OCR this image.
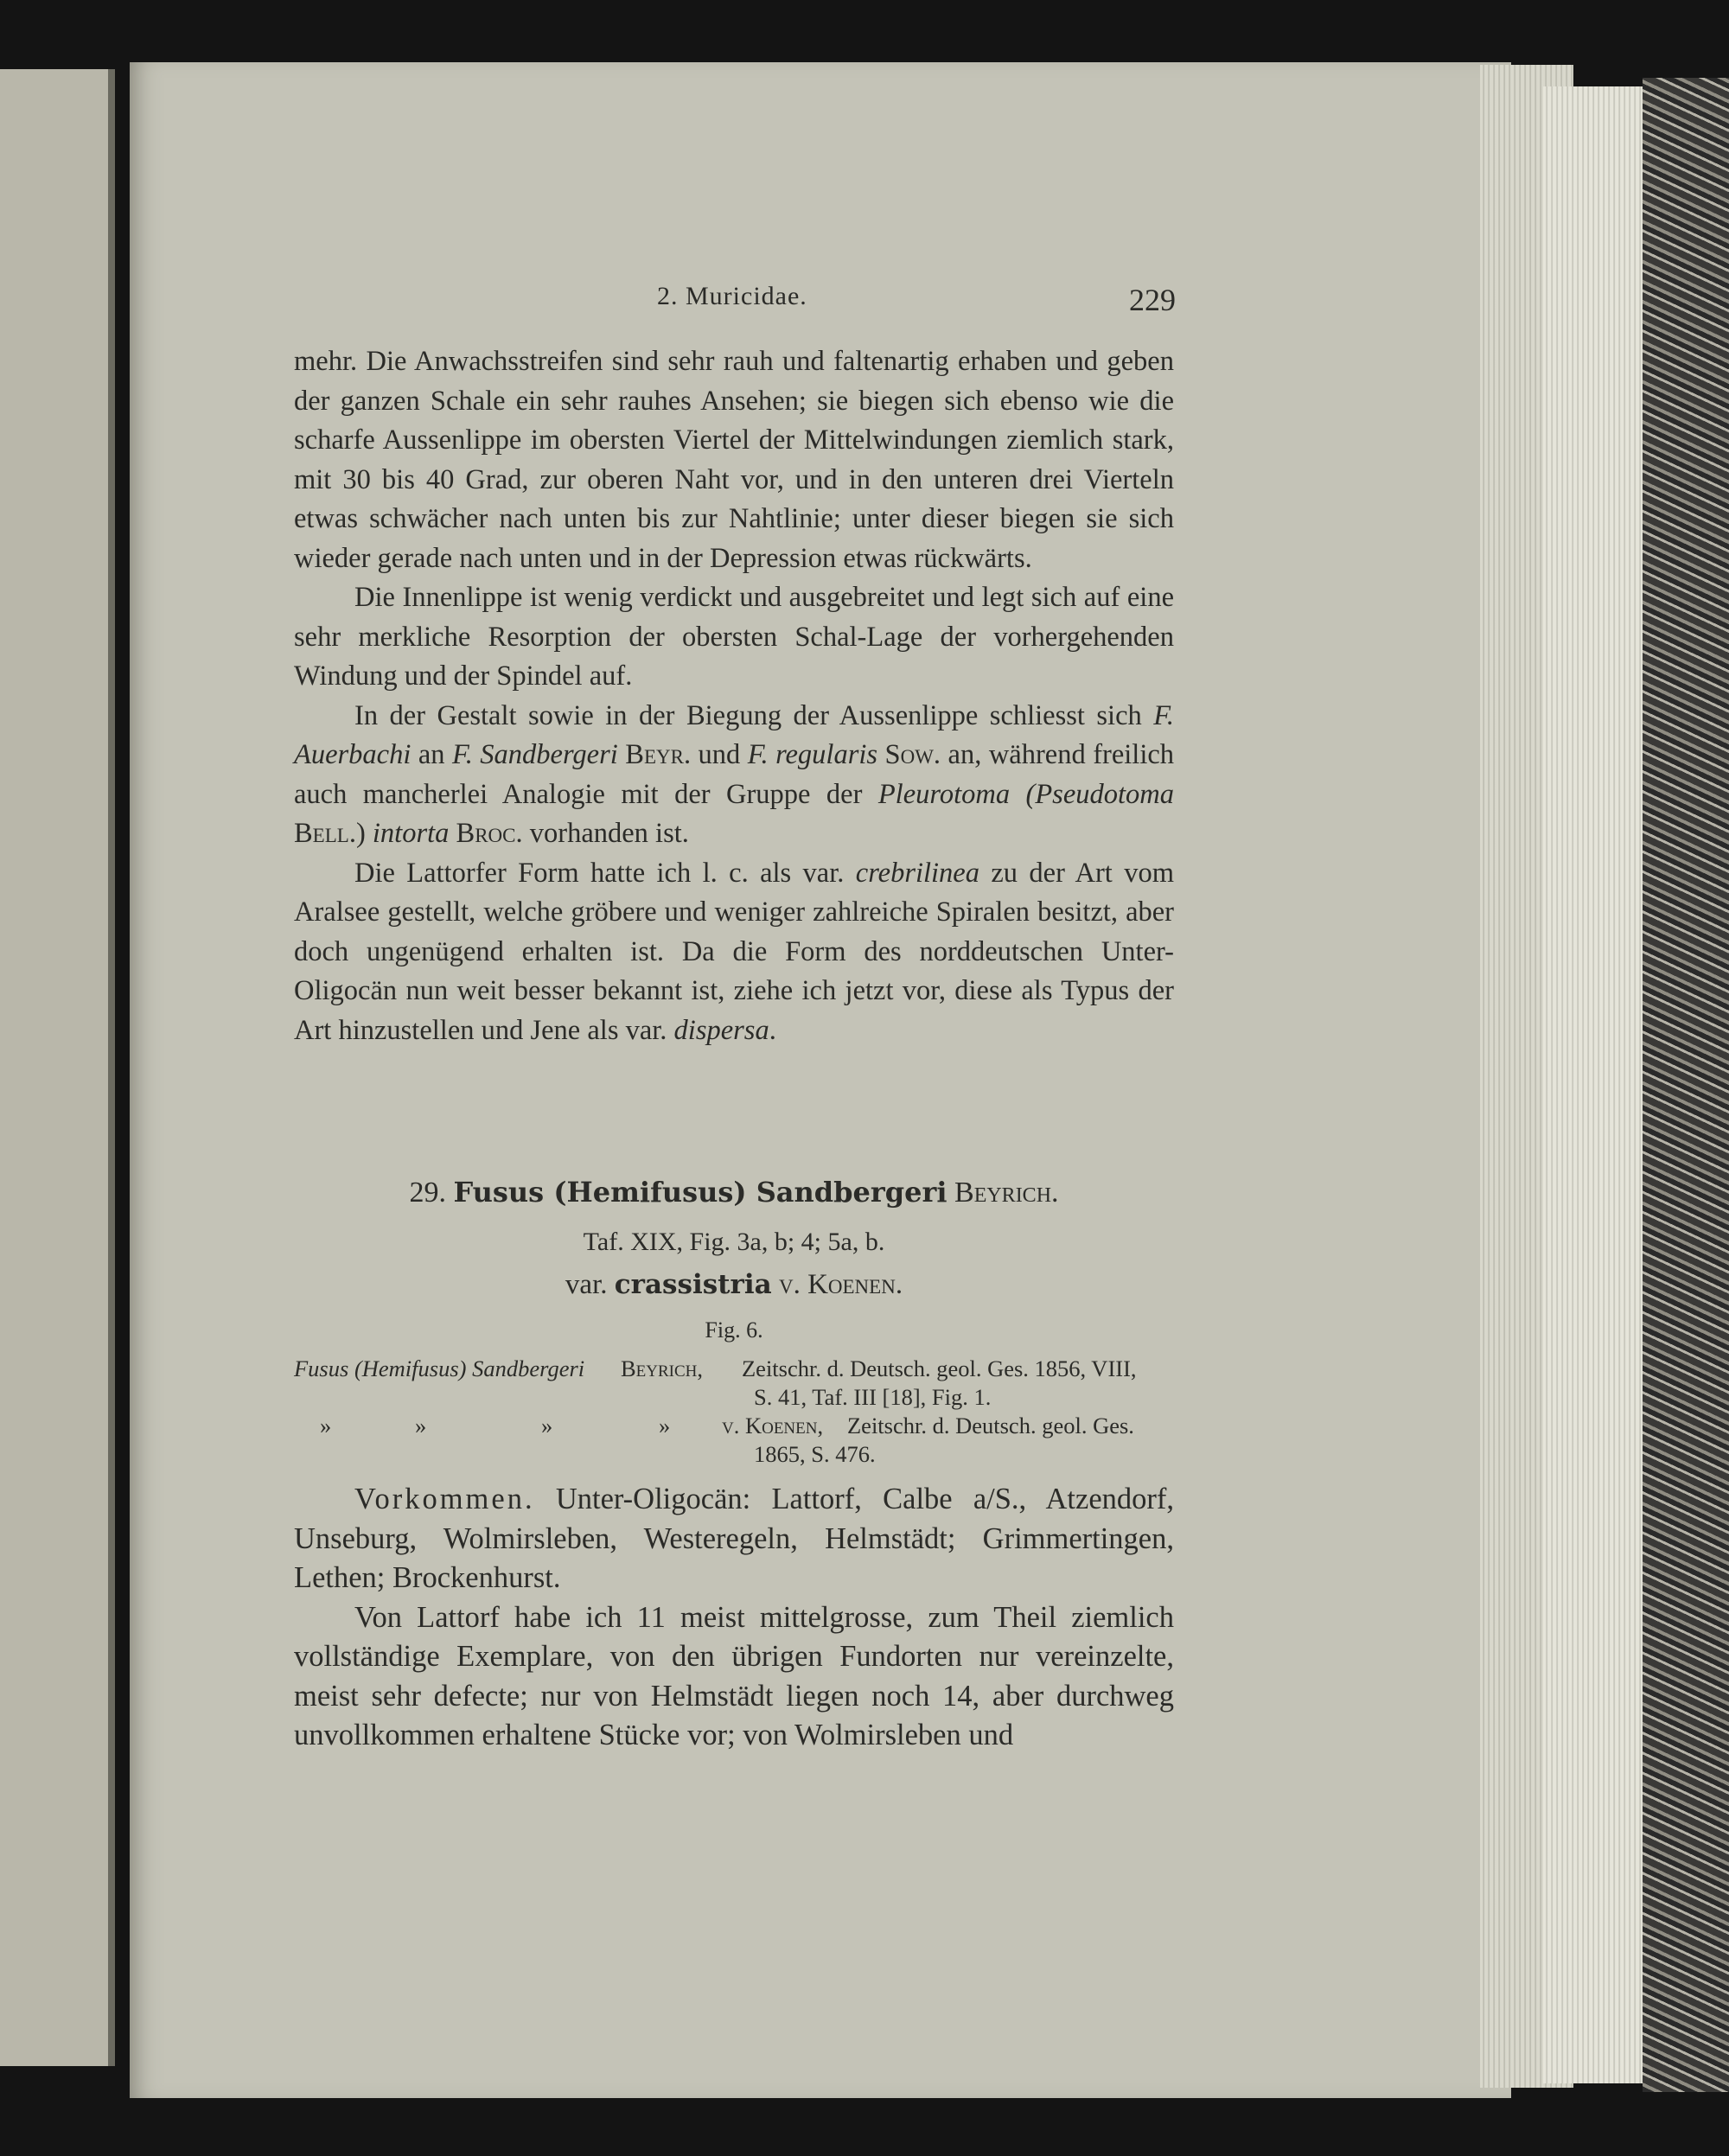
2. Muricidae.	229

mehr. Die Anwachsstreifen sind sehr rauh und faltenartig erhaben und geben der ganzen Schale ein sehr rauhes Ansehen; sie biegen sich ebenso wie die scharfe Aussenlippe im obersten Viertel der Mittelwindungen ziemlich stark, mit 30 bis 40 Grad, zur oberen Naht vor, und in den unteren drei Vierteln etwas schwächer nach unten bis zur Nahtlinie; unter dieser biegen sie sich wieder gerade nach unten und in der Depression etwas rückwärts.

Die Innenlippe ist wenig verdickt und ausgebreitet und legt sich auf eine sehr merkliche Resorption der obersten Schal-Lage der vorhergehenden Windung und der Spindel auf.

In der Gestalt sowie in der Biegung der Aussenlippe schliesst sich F. Auerbachi an F. Sandbergeri Beyr. und F. regularis Sow. an, während freilich auch mancherlei Analogie mit der Gruppe der Pleurotoma (Pseudotoma Bell.) intorta Broc. vorhanden ist.

Die Lattorfer Form hatte ich l. c. als var. crebrilinea zu der Art vom Aralsee gestellt, welche gröbere und weniger zahlreiche Spiralen besitzt, aber doch ungenügend erhalten ist. Da die Form des norddeutschen Unter-Oligocän nun weit besser bekannt ist, ziehe ich jetzt vor, diese als Typus der Art hinzustellen und Jene als var. dispersa.

29. Fusus (Hemifusus) Sandbergeri Beyrich.
Taf. XIX, Fig. 3a, b; 4; 5a, b.
var. crassistria v. Koenen.
Fig. 6.
Fusus (Hemifusus) Sandbergeri Beyrich, Zeitschr. d. Deutsch. geol. Ges. 1856, VIII,
S. 41, Taf. III [18], Fig. 1.
»	»	»	» v. Koenen, Zeitschr. d. Deutsch. geol. Ges.
1865, S. 476.

Vorkommen. Unter-Oligocän: Lattorf, Calbe a/S., Atzendorf, Unseburg, Wolmirsleben, Westeregeln, Helmstädt; Grimmertingen, Lethen; Brockenhurst.

Von Lattorf habe ich 11 meist mittelgrosse, zum Theil ziemlich vollständige Exemplare, von den übrigen Fundorten nur vereinzelte, meist sehr defecte; nur von Helmstädt liegen noch 14, aber durchweg unvollkommen erhaltene Stücke vor; von Wolmirsleben und
